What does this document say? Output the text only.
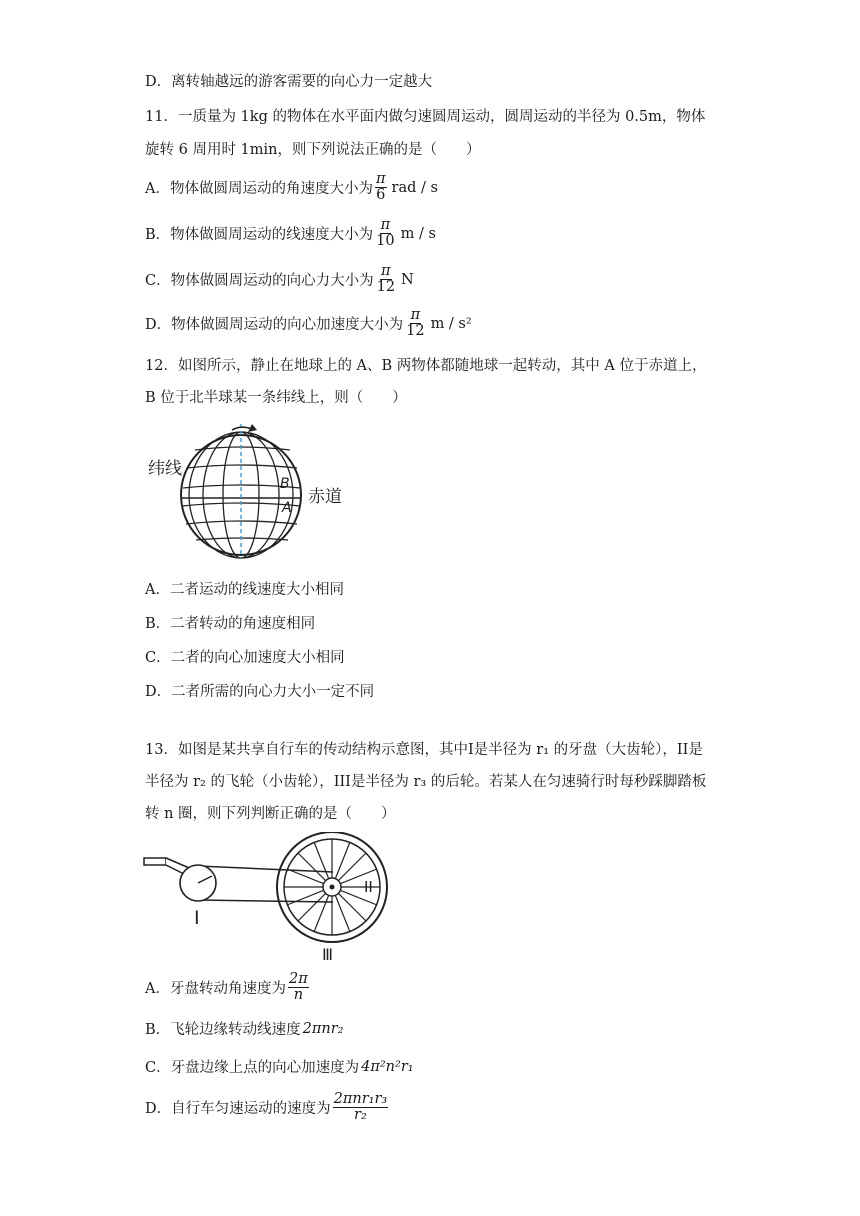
D．离转轴越远的游客需要的向心力一定越大
11．一质量为 1kg 的物体在水平面内做匀速圆周运动，圆周运动的半径为 0.5m，物体
旋转 6 周用时 1min，则下列说法正确的是（　　）
A．物体做圆周运动的角速度大小为 $\frac{\pi}{6}$ rad / s
B．物体做圆周运动的线速度大小为 $\frac{\pi}{10}$ m / s
C．物体做圆周运动的向心力大小为 $\frac{\pi}{12}$ N
D．物体做圆周运动的向心加速度大小为 $\frac{\pi}{12}$ m / s²
12．如图所示，静止在地球上的 A、B 两物体都随地球一起转动，其中 A 位于赤道上，
B 位于北半球某一条纬线上，则（　　）
纬线
赤道
B
A
A．二者运动的线速度大小相同
B．二者转动的角速度相同
C．二者的向心加速度大小相同
D．二者所需的向心力大小一定不同
13．如图是某共享自行车的传动结构示意图，其中Ⅰ是半径为 r₁ 的牙盘（大齿轮），II是
半径为 r₂ 的飞轮（小齿轮），III是半径为 r₃ 的后轮。若某人在匀速骑行时每秒踩脚踏板
转 n 圈，则下列判断正确的是（　　）
I
II
Ⅲ
A．牙盘转动角速度为 $\frac{2\pi}{n}$
B．飞轮边缘转动线速度 2πnr₂
C．牙盘边缘上点的向心加速度为 4π²n²r₁
D．自行车匀速运动的速度为 $\frac{\text{2πnr₁r₃}}{\text{r₂}}$
